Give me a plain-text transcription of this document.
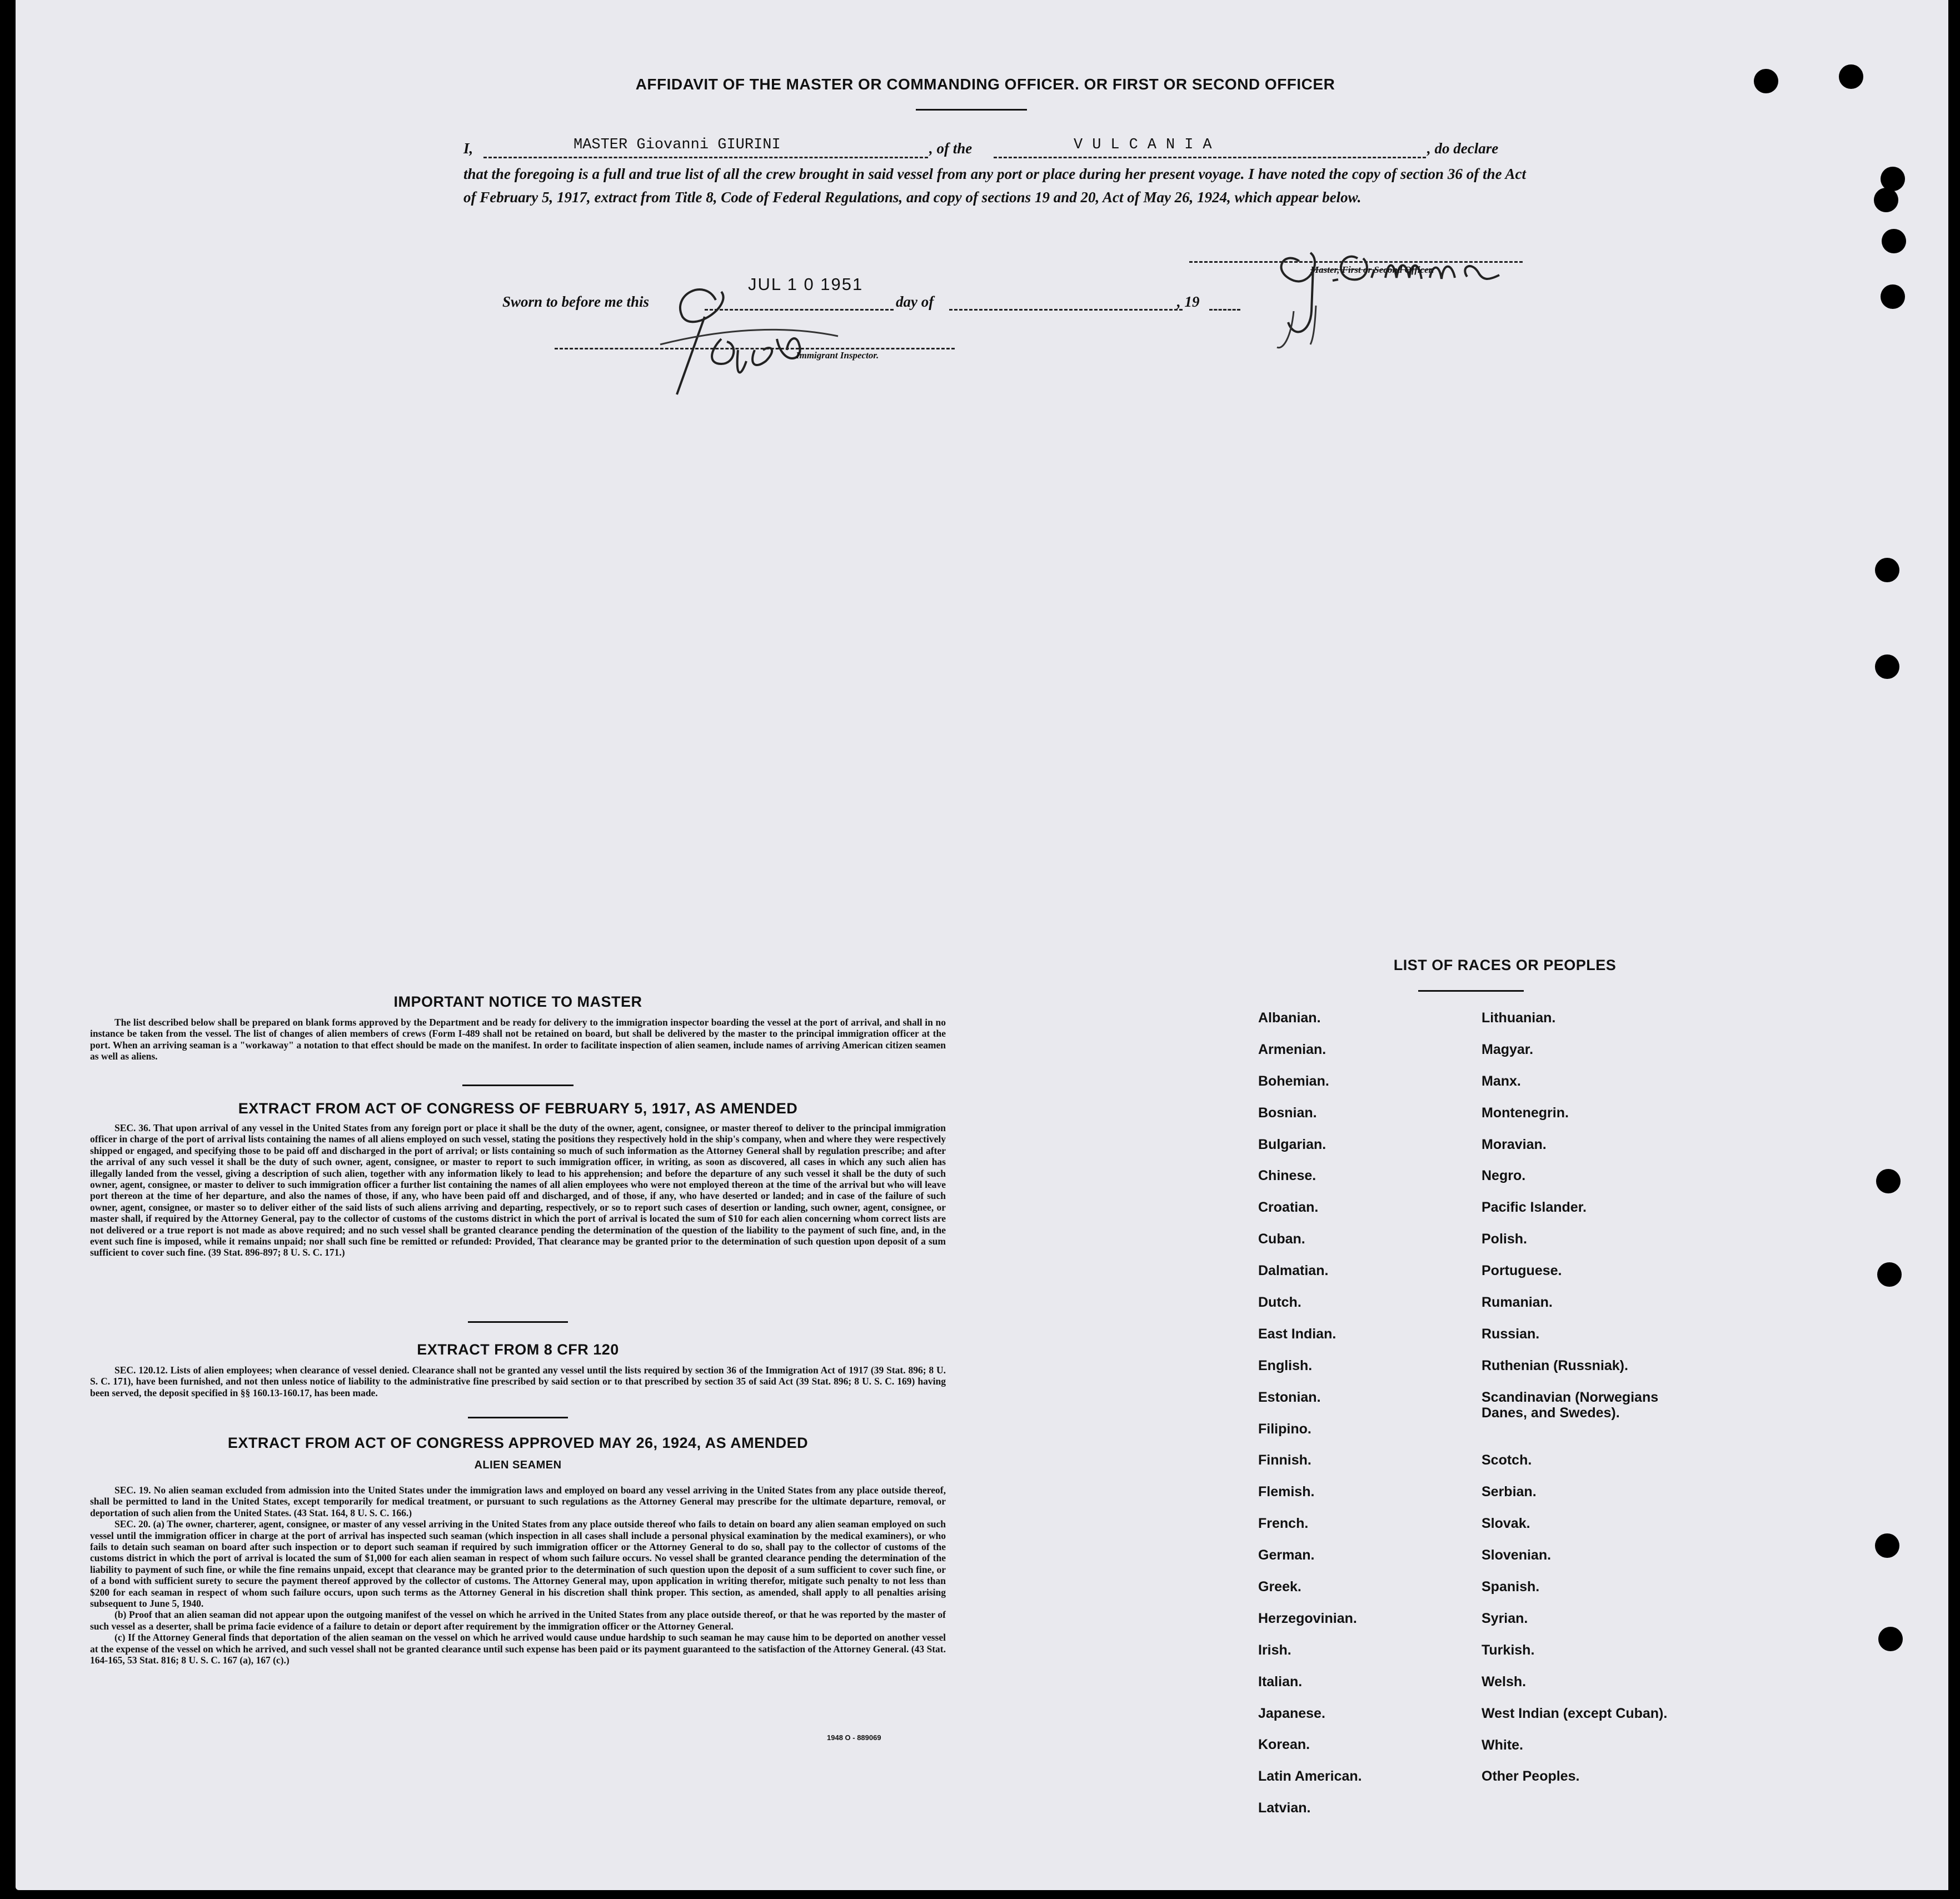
AFFIDAVIT OF THE MASTER OR COMMANDING OFFICER. OR FIRST OR SECOND OFFICER
I,	MASTER Giovanni GIURINI	, of the	VULCANIA	, do declare
that the foregoing is a full and true list of all the crew brought in said vessel from any port or place during her present voyage. I have noted the copy of section 36 of the Act of February 5, 1917, extract from Title 8, Code of Federal Regulations, and copy of sections 19 and 20, Act of May 26, 1924, which appear below.
Master, First or Second Officer.
Sworn to before me this
JUL 1 0 1951
day of	, 19
Immigrant Inspector.
IMPORTANT NOTICE TO MASTER

The list described below shall be prepared on blank forms approved by the Department and be ready for delivery to the immigration inspector boarding the vessel at the port of arrival, and shall in no instance be taken from the vessel. The list of changes of alien members of crews (Form I-489 shall not be retained on board, but shall be delivered by the master to the principal immigration officer at the port. When an arriving seaman is a "workaway" a notation to that effect should be made on the manifest. In order to facilitate inspection of alien seamen, include names of arriving American citizen seamen as well as aliens.

EXTRACT FROM ACT OF CONGRESS OF FEBRUARY 5, 1917, AS AMENDED

SEC. 36. That upon arrival of any vessel in the United States from any foreign port or place it shall be the duty of the owner, agent, consignee, or master thereof to deliver to the principal immigration officer in charge of the port of arrival lists containing the names of all aliens employed on such vessel, stating the positions they respectively hold in the ship's company, when and where they were respectively shipped or engaged, and specifying those to be paid off and discharged in the port of arrival; or lists containing so much of such information as the Attorney General shall by regulation prescribe; and after the arrival of any such vessel it shall be the duty of such owner, agent, consignee, or master to report to such immigration officer, in writing, as soon as discovered, all cases in which any such alien has illegally landed from the vessel, giving a description of such alien, together with any information likely to lead to his apprehension; and before the departure of any such vessel it shall be the duty of such owner, agent, consignee, or master to deliver to such immigration officer a further list containing the names of all alien employees who were not employed thereon at the time of the arrival but who will leave port thereon at the time of her departure, and also the names of those, if any, who have been paid off and discharged, and of those, if any, who have deserted or landed; and in case of the failure of such owner, agent, consignee, or master so to deliver either of the said lists of such aliens arriving and departing, respectively, or so to report such cases of desertion or landing, such owner, agent, consignee, or master shall, if required by the Attorney General, pay to the collector of customs of the customs district in which the port of arrival is located the sum of $10 for each alien concerning whom correct lists are not delivered or a true report is not made as above required; and no such vessel shall be granted clearance pending the determination of the question of the liability to the payment of such fine, and, in the event such fine is imposed, while it remains unpaid; nor shall such fine be remitted or refunded: Provided, That clearance may be granted prior to the determination of such question upon deposit of a sum sufficient to cover such fine. (39 Stat. 896-897; 8 U. S. C. 171.)

EXTRACT FROM 8 CFR 120

SEC. 120.12. Lists of alien employees; when clearance of vessel denied. Clearance shall not be granted any vessel until the lists required by section 36 of the Immigration Act of 1917 (39 Stat. 896; 8 U. S. C. 171), have been furnished, and not then unless notice of liability to the administrative fine prescribed by said section or to that prescribed by section 35 of said Act (39 Stat. 896; 8 U. S. C. 169) having been served, the deposit specified in §§ 160.13-160.17, has been made.

EXTRACT FROM ACT OF CONGRESS APPROVED MAY 26, 1924, AS AMENDED
ALIEN SEAMEN

SEC. 19. No alien seaman excluded from admission into the United States under the immigration laws and employed on board any vessel arriving in the United States from any place outside thereof, shall be permitted to land in the United States, except temporarily for medical treatment, or pursuant to such regulations as the Attorney General may prescribe for the ultimate departure, removal, or deportation of such alien from the United States. (43 Stat. 164, 8 U. S. C. 166.)

SEC. 20. (a) The owner, charterer, agent, consignee, or master of any vessel arriving in the United States from any place outside thereof who fails to detain on board any alien seaman employed on such vessel until the immigration officer in charge at the port of arrival has inspected such seaman (which inspection in all cases shall include a personal physical examination by the medical examiners), or who fails to detain such seaman on board after such inspection or to deport such seaman if required by such immigration officer or the Attorney General to do so, shall pay to the collector of customs of the customs district in which the port of arrival is located the sum of $1,000 for each alien seaman in respect of whom such failure occurs. No vessel shall be granted clearance pending the determination of the liability to payment of such fine, or while the fine remains unpaid, except that clearance may be granted prior to the determination of such question upon the deposit of a sum sufficient to cover such fine, or of a bond with sufficient surety to secure the payment thereof approved by the collector of customs. The Attorney General may, upon application in writing therefor, mitigate such penalty to not less than $200 for each seaman in respect of whom such failure occurs, upon such terms as the Attorney General in his discretion shall think proper. This section, as amended, shall apply to all penalties arising subsequent to June 5, 1940.

(b) Proof that an alien seaman did not appear upon the outgoing manifest of the vessel on which he arrived in the United States from any place outside thereof, or that he was reported by the master of such vessel as a deserter, shall be prima facie evidence of a failure to detain or deport after requirement by the immigration officer or the Attorney General.

(c) If the Attorney General finds that deportation of the alien seaman on the vessel on which he arrived would cause undue hardship to such seaman he may cause him to be deported on another vessel at the expense of the vessel on which he arrived, and such vessel shall not be granted clearance until such expense has been paid or its payment guaranteed to the satisfaction of the Attorney General. (43 Stat. 164-165, 53 Stat. 816; 8 U. S. C. 167 (a), 167 (c).)

1948 O - 889069
LIST OF RACES OR PEOPLES
Albanian.
Armenian.
Bohemian.
Bosnian.
Bulgarian.
Chinese.
Croatian.
Cuban.
Dalmatian.
Dutch.
East Indian.
English.
Estonian.
Filipino.
Finnish.
Flemish.
French.
German.
Greek.
Herzegovinian.
Irish.
Italian.
Japanese.
Korean.
Latin American.
Latvian.
Lithuanian.
Magyar.
Manx.
Montenegrin.
Moravian.
Negro.
Pacific Islander.
Polish.
Portuguese.
Rumanian.
Russian.
Ruthenian (Russniak).
Scandinavian (Norwegians Danes, and Swedes).
Scotch.
Serbian.
Slovak.
Slovenian.
Spanish.
Syrian.
Turkish.
Welsh.
West Indian (except Cuban).
White.
Other Peoples.
